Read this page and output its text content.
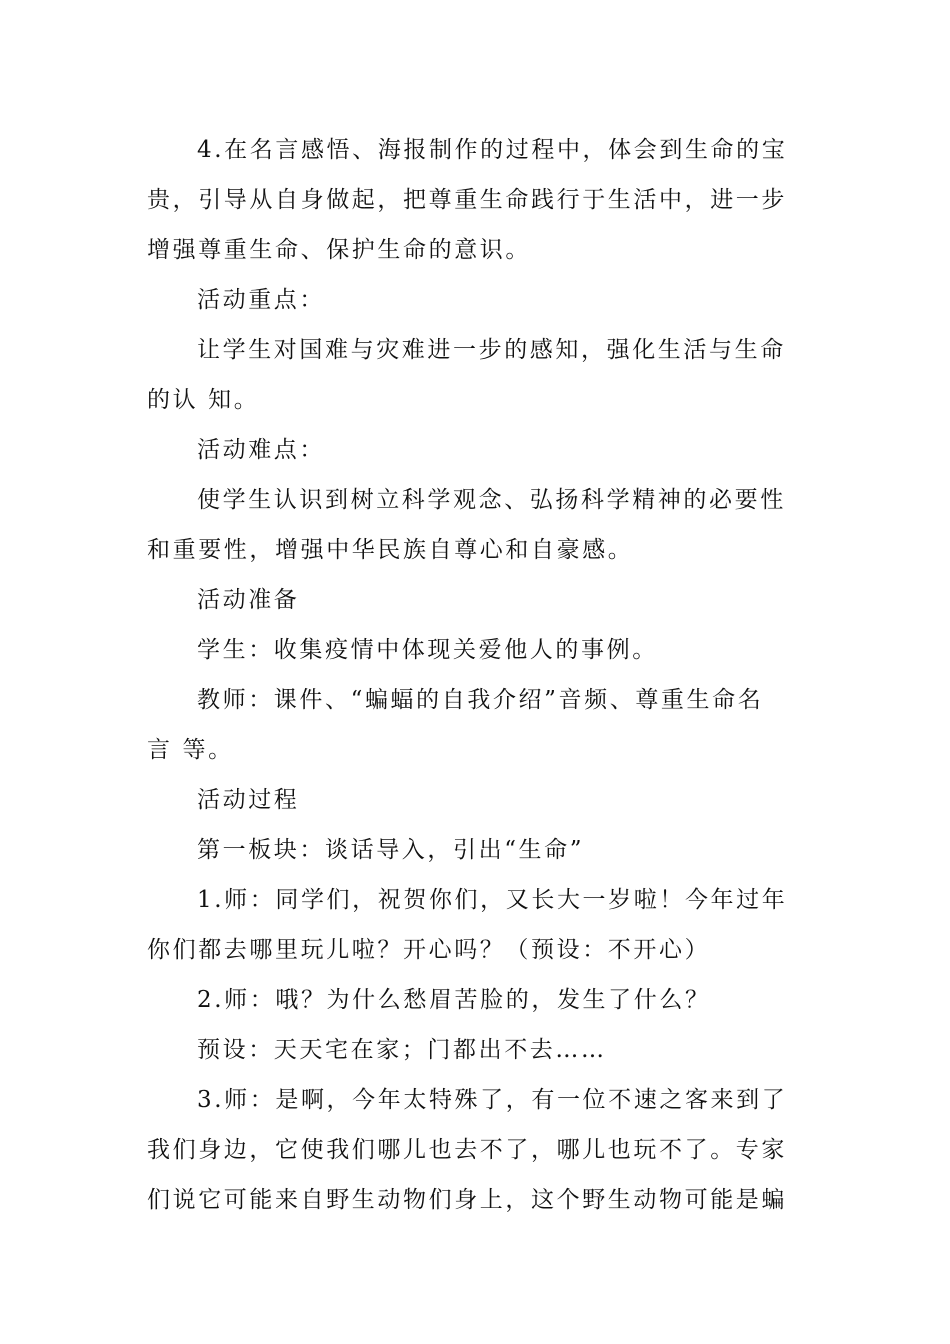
4.在名言感悟、海报制作的过程中，体会到生命的宝
贵，引导从自身做起，把尊重生命践行于生活中，进一步
增强尊重生命、保护生命的意识。
活动重点：
让学生对国难与灾难进一步的感知，强化生活与生命
的认 知。
活动难点：
使学生认识到树立科学观念、弘扬科学精神的必要性
和重要性，增强中华民族自尊心和自豪感。
活动准备
学生：收集疫情中体现关爱他人的事例。
教师：课件、“蝙蝠的自我介绍”音频、尊重生命名
言 等。
活动过程
第一板块：谈话导入，引出“生命”
1.师：同学们，祝贺你们，又长大一岁啦！今年过年
你们都去哪里玩儿啦？开心吗？（预设：不开心）
2.师：哦？为什么愁眉苦脸的，发生了什么？
预设：天天宅在家；门都出不去……
3.师：是啊，今年太特殊了，有一位不速之客来到了
我们身边，它使我们哪儿也去不了，哪儿也玩不了。专家
们说它可能来自野生动物们身上，这个野生动物可能是蝙
